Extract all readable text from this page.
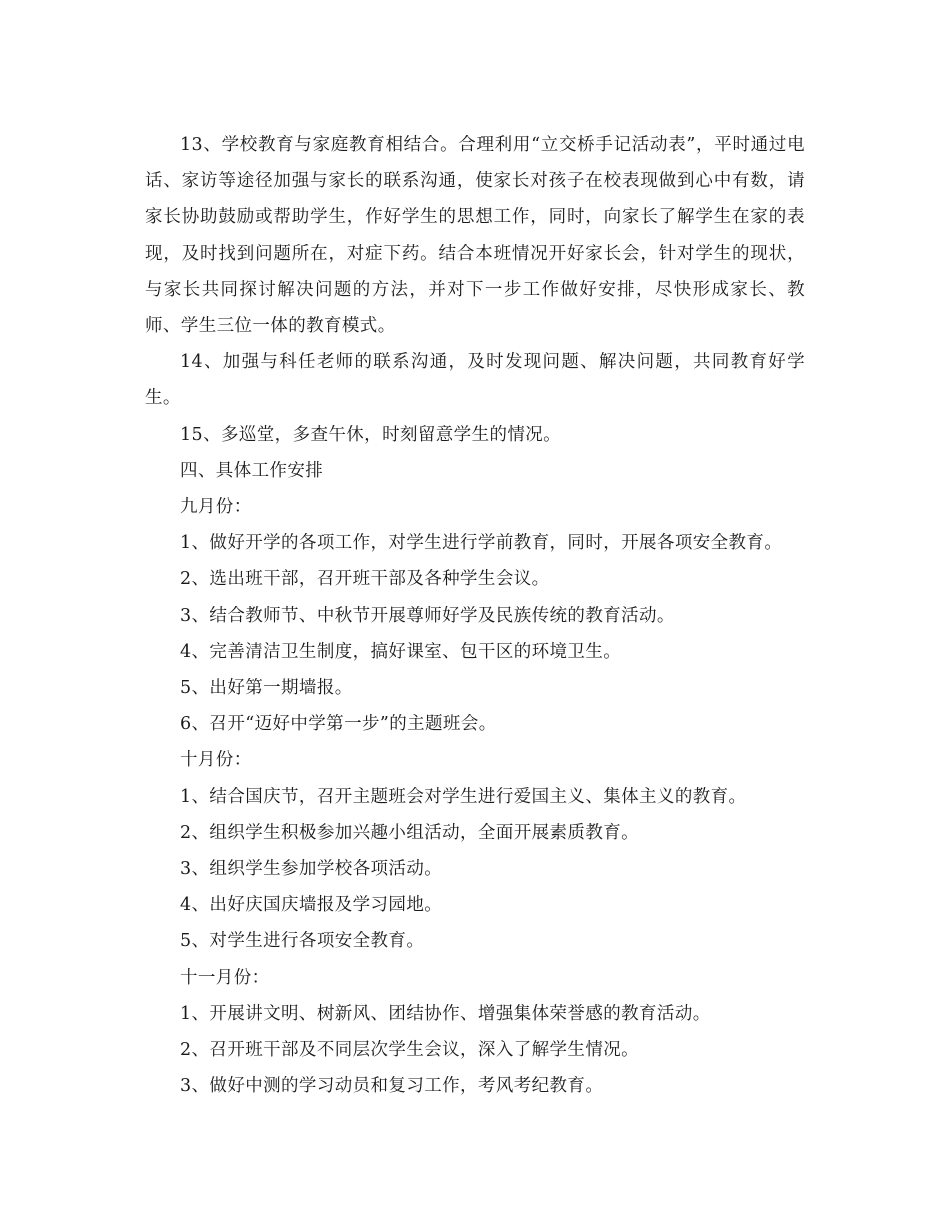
13、学校教育与家庭教育相结合。合理利用“立交桥手记活动表”，平时通过电话、家访等途径加强与家长的联系沟通，使家长对孩子在校表现做到心中有数，请家长协助鼓励或帮助学生，作好学生的思想工作，同时，向家长了解学生在家的表现，及时找到问题所在，对症下药。结合本班情况开好家长会，针对学生的现状，与家长共同探讨解决问题的方法，并对下一步工作做好安排，尽快形成家长、教师、学生三位一体的教育模式。

14、加强与科任老师的联系沟通，及时发现问题、解决问题，共同教育好学生。

15、多巡堂，多查午休，时刻留意学生的情况。

四、具体工作安排

九月份：

1、做好开学的各项工作，对学生进行学前教育，同时，开展各项安全教育。

2、选出班干部，召开班干部及各种学生会议。

3、结合教师节、中秋节开展尊师好学及民族传统的教育活动。

4、完善清洁卫生制度，搞好课室、包干区的环境卫生。

5、出好第一期墙报。

6、召开“迈好中学第一步”的主题班会。

十月份：

1、结合国庆节，召开主题班会对学生进行爱国主义、集体主义的教育。

2、组织学生积极参加兴趣小组活动，全面开展素质教育。

3、组织学生参加学校各项活动。

4、出好庆国庆墙报及学习园地。

5、对学生进行各项安全教育。

十一月份：

1、开展讲文明、树新风、团结协作、增强集体荣誉感的教育活动。

2、召开班干部及不同层次学生会议，深入了解学生情况。

3、做好中测的学习动员和复习工作，考风考纪教育。
